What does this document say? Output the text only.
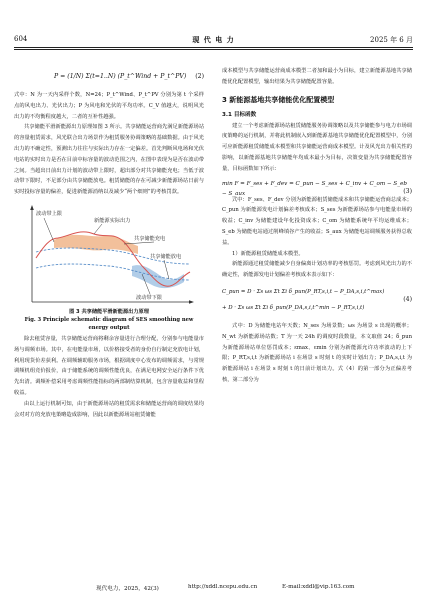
604	现 代 电 力	2025 年 6 月
P = (1/N) Σ(t=1..N) (P_t^Wind + P_t^PV) (2)

式中：N 为一天内采样个数，N=24；P_t^Wind、P_t^PV 分别为第 t 个采样点的风电出力、光伏出力；P 为风电和光伏的平均功率。C_V 值越大，说明风光出力的不均衡程度越大，二者的互补性越强。

共享储能平滑新能源出力原理如图 3 所示。共享储能运营商先满足新能源场站的容量租赁需求，风光联合出力场景作为租赁服务协调策略的基础数据。由于风光出力的不确定性，预测出力往往与实际出力存在一定偏差。首先判断风电场和光伏电站的实时出力是否在目前中标容量的波动范围之内，在图中表现为是否在波动带之间。当超出日前出力计划的波动带上限时，超出部分对共享储能充电；当低于波动带下限时，不足部分由共享储能放电。租赁储能的存在可减少新能源场站日前与实时投标容量的偏差，促进新能源消纳以及减少“两个细则”的考核罚款。

波动带上限
新能源实际出力
共享储能充电
共享储能放电
波动带下限
图 3 共享储能平滑新能源出力原理
Fig. 3 Principle schematic diagram of SES smoothing new energy output

除去租赁容量，共享储能运营商将剩余容量进行合理分配，分别参与电能量市场与调频市场。其中，在电能量市场，以价格接受者的身份自行制定充放电计划，利用现货价差获利。在调频辅助服务市场，根据调度中心发布的调频需求，与常规调频机组竞价报价，由于储能系统的调频性能优良，在满足电网安全运行条件下优先出清。调频补偿采用考虑调频性能指标的两部制结算机制，包含容量收益和里程收益。

由以上运行机制可知，由于新能源场站的租赁需求和储能运营商的调度结果均会对对方的充放电策略造成影响，因此以新能源场站租赁储能

成本模型与共享储能运营商成本模型二者加和最小为目标，建立新能源基地共享储能优化配置模型，输出结果为共享储能配置容量。

3 新能源基地共享储能优化配置模型
3.1 目标函数

建立一个考虑新能源场站租赁储能服务协调策略以及共享储能参与电力市场调度策略的运行机制，并将此机制嵌入到新能源基地共享储能优化配置模型中，分别可应新能源租赁储能成本模型和共享储能运营商成本模型。计及风光出力相关性的影响，以新能源基地共享储能年均成本最小为目标，决策变量为共享储能配置容量，目标函数如下所示：

min F = F_ses + F_dev = C_pun − S_ses + C_inv + C_om − S_eb − S_aux	(3)

式中：F_ses、F_dev 分别为新能源租赁储能成本和共享储能运营商总成本；C_pun 为新能源发电计划偏差考核成本；S_ses 为新能源场站参与电能量市场的收益；C_inv 为储能建设年化投资成本；C_om 为储能系统年平均运维成本；S_eb 为储能电站通过削峰填谷产生的收益；S_aux 为储能电站调频服务获得总收益。

1）新能源租赁储能成本模型。

新能源通过租赁储能减少自身偏离计划功率的考核惩罚。考虑到风光出力的不确定性，新能源发电计划偏差考核成本表示如下：

C_pun = D · Σs ωs Σt Σi δ_pun(P_RT,s,i,t − P_DA,s,i,t^max)
+ D · Σs ωs Σt Σi δ_pun(P_DA,s,i,t^min − P_RT,s,i,t)
(4)

式中：D 为储能电站年天数；N_ses 为场景数；ωs 为场景 s 出现的概率；N_wt 为新能源场站数；T 为一天 24h 的调度时段数量，本文取值 24；δ_pun 为新能源场站单位惩罚成本；εmax、εmin 分别为新能源允许功率波动的上下限；P_RT,s,i,t 为新能源场站 i 在场景 s 时刻 t 的实时计划出力；P_DA,s,i,t 为新能源场站 i 在场景 s 时刻 t 的日前计划出力。式（4）的第一部分为正偏差考核，第二部分为

现代电力，2025，42(3)	http://xddl.ncepu.edu.cn	E-mail:xddl@vip.163.com
